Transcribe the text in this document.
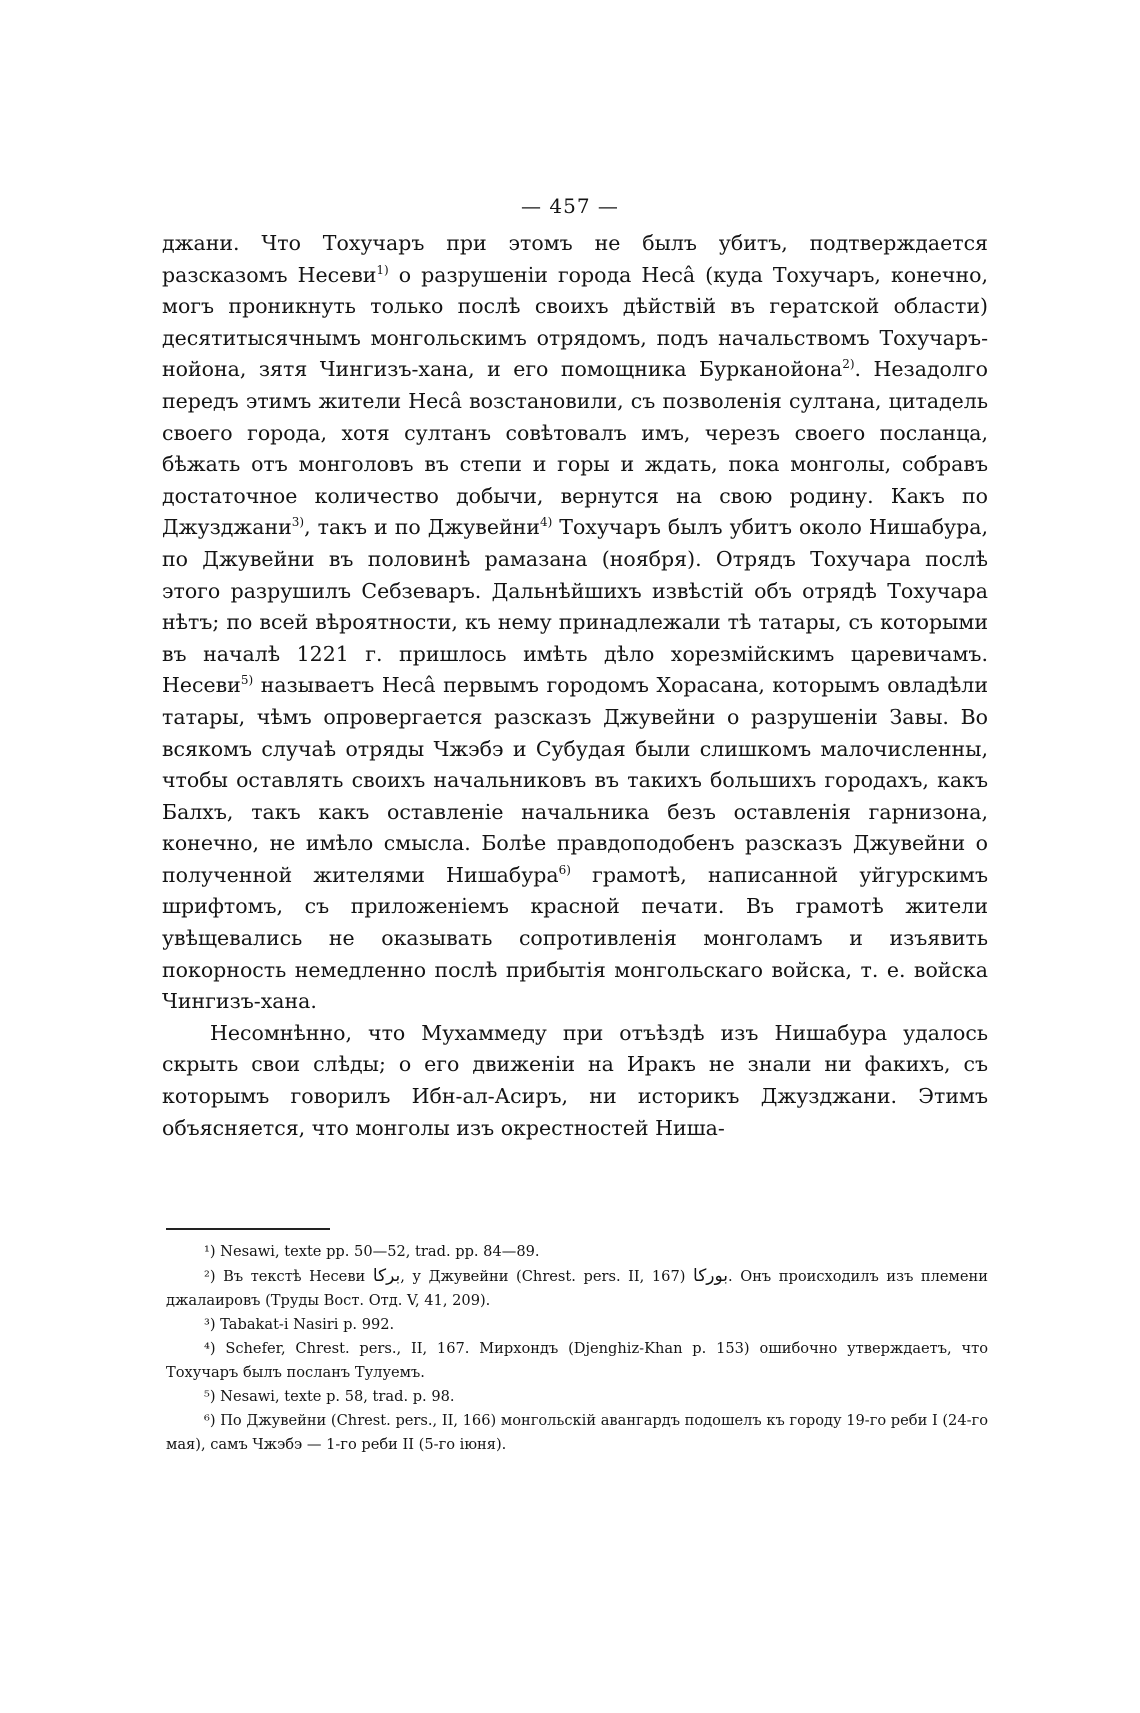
— 457 —

джани. Что Тохучаръ при этомъ не былъ убитъ, подтверждается разсказомъ Несеви$^{1)}$ о разрушенiи города Несâ (куда Тохучаръ, конечно, могъ проникнуть только послѣ своихъ дѣйствiй въ гератской области) десятитысячнымъ монгольскимъ отрядомъ, подъ начальствомъ Тохучаръ-нойона, зятя Чингизъ-хана, и его помощника Бурканойона$^{2)}$. Незадолго передъ этимъ жители Несâ возстановили, съ позволенiя султана, цитадель своего города, хотя султанъ совѣтовалъ имъ, черезъ своего посланца, бѣжать отъ монголовъ въ степи и горы и ждать, пока монголы, собравъ достаточное количество добычи, вернутся на свою родину. Какъ по Джузджани$^{3)}$, такъ и по Джувейни$^{4)}$ Тохучаръ былъ убитъ около Нишабура, по Джувейни въ половинѣ рамазана (ноября). Отрядъ Тохучара послѣ этого разрушилъ Себзеваръ. Дальнѣйшихъ извѣстiй объ отрядѣ Тохучара нѣтъ; по всей вѣроятности, къ нему принадлежали тѣ татары, съ которыми въ началѣ 1221 г. пришлось имѣть дѣло хорезмiйскимъ царевичамъ. Несеви$^{5)}$ называетъ Несâ первымъ городомъ Хорасана, которымъ овладѣли татары, чѣмъ опровергается разсказъ Джувейни о разрушенiи Завы. Во всякомъ случаѣ отряды Чжэбэ и Субудая были слишкомъ малочисленны, чтобы оставлять своихъ начальниковъ въ такихъ большихъ городахъ, какъ Балхъ, такъ какъ оставленiе начальника безъ оставленiя гарнизона, конечно, не имѣло смысла. Болѣе правдоподобенъ разсказъ Джувейни о полученной жителями Нишабура$^{6)}$ грамотѣ, написанной уйгурскимъ шрифтомъ, съ приложенiемъ красной печати. Въ грамотѣ жители увѣщевались не оказывать сопротивленiя монголамъ и изъявить покорность немедленно послѣ прибытiя монгольскаго войска, т. е. войска Чингизъ-хана.

Несомнѣнно, что Мухаммеду при отъѣздѣ изъ Нишабура удалось скрыть свои слѣды; о его движенiи на Иракъ не знали ни факихъ, съ которымъ говорилъ Ибн-ал-Асиръ, ни историкъ Джузджани. Этимъ объясняется, что монголы изъ окрестностей Ниша-

¹) Nesawi, texte pp. 50—52, trad. pp. 84—89.

²) Въ текстѣ Несеви بركا, у Джувейни (Chrest. pers. II, 167) بوركا. Онъ происходилъ изъ племени джалаировъ (Труды Вост. Отд. V, 41, 209).

³) Tabakat-i Nasiri p. 992.

⁴) Schefer, Chrest. pers., II, 167. Мирхондъ (Djenghiz-Khan p. 153) ошибочно утверждаетъ, что Тохучаръ былъ посланъ Тулуемъ.

⁵) Nesawi, texte p. 58, trad. p. 98.

⁶) По Джувейни (Chrest. pers., II, 166) монгольскiй авангардъ подошелъ къ городу 19-го реби I (24-го мая), самъ Чжэбэ — 1-го реби II (5-го iюня).
